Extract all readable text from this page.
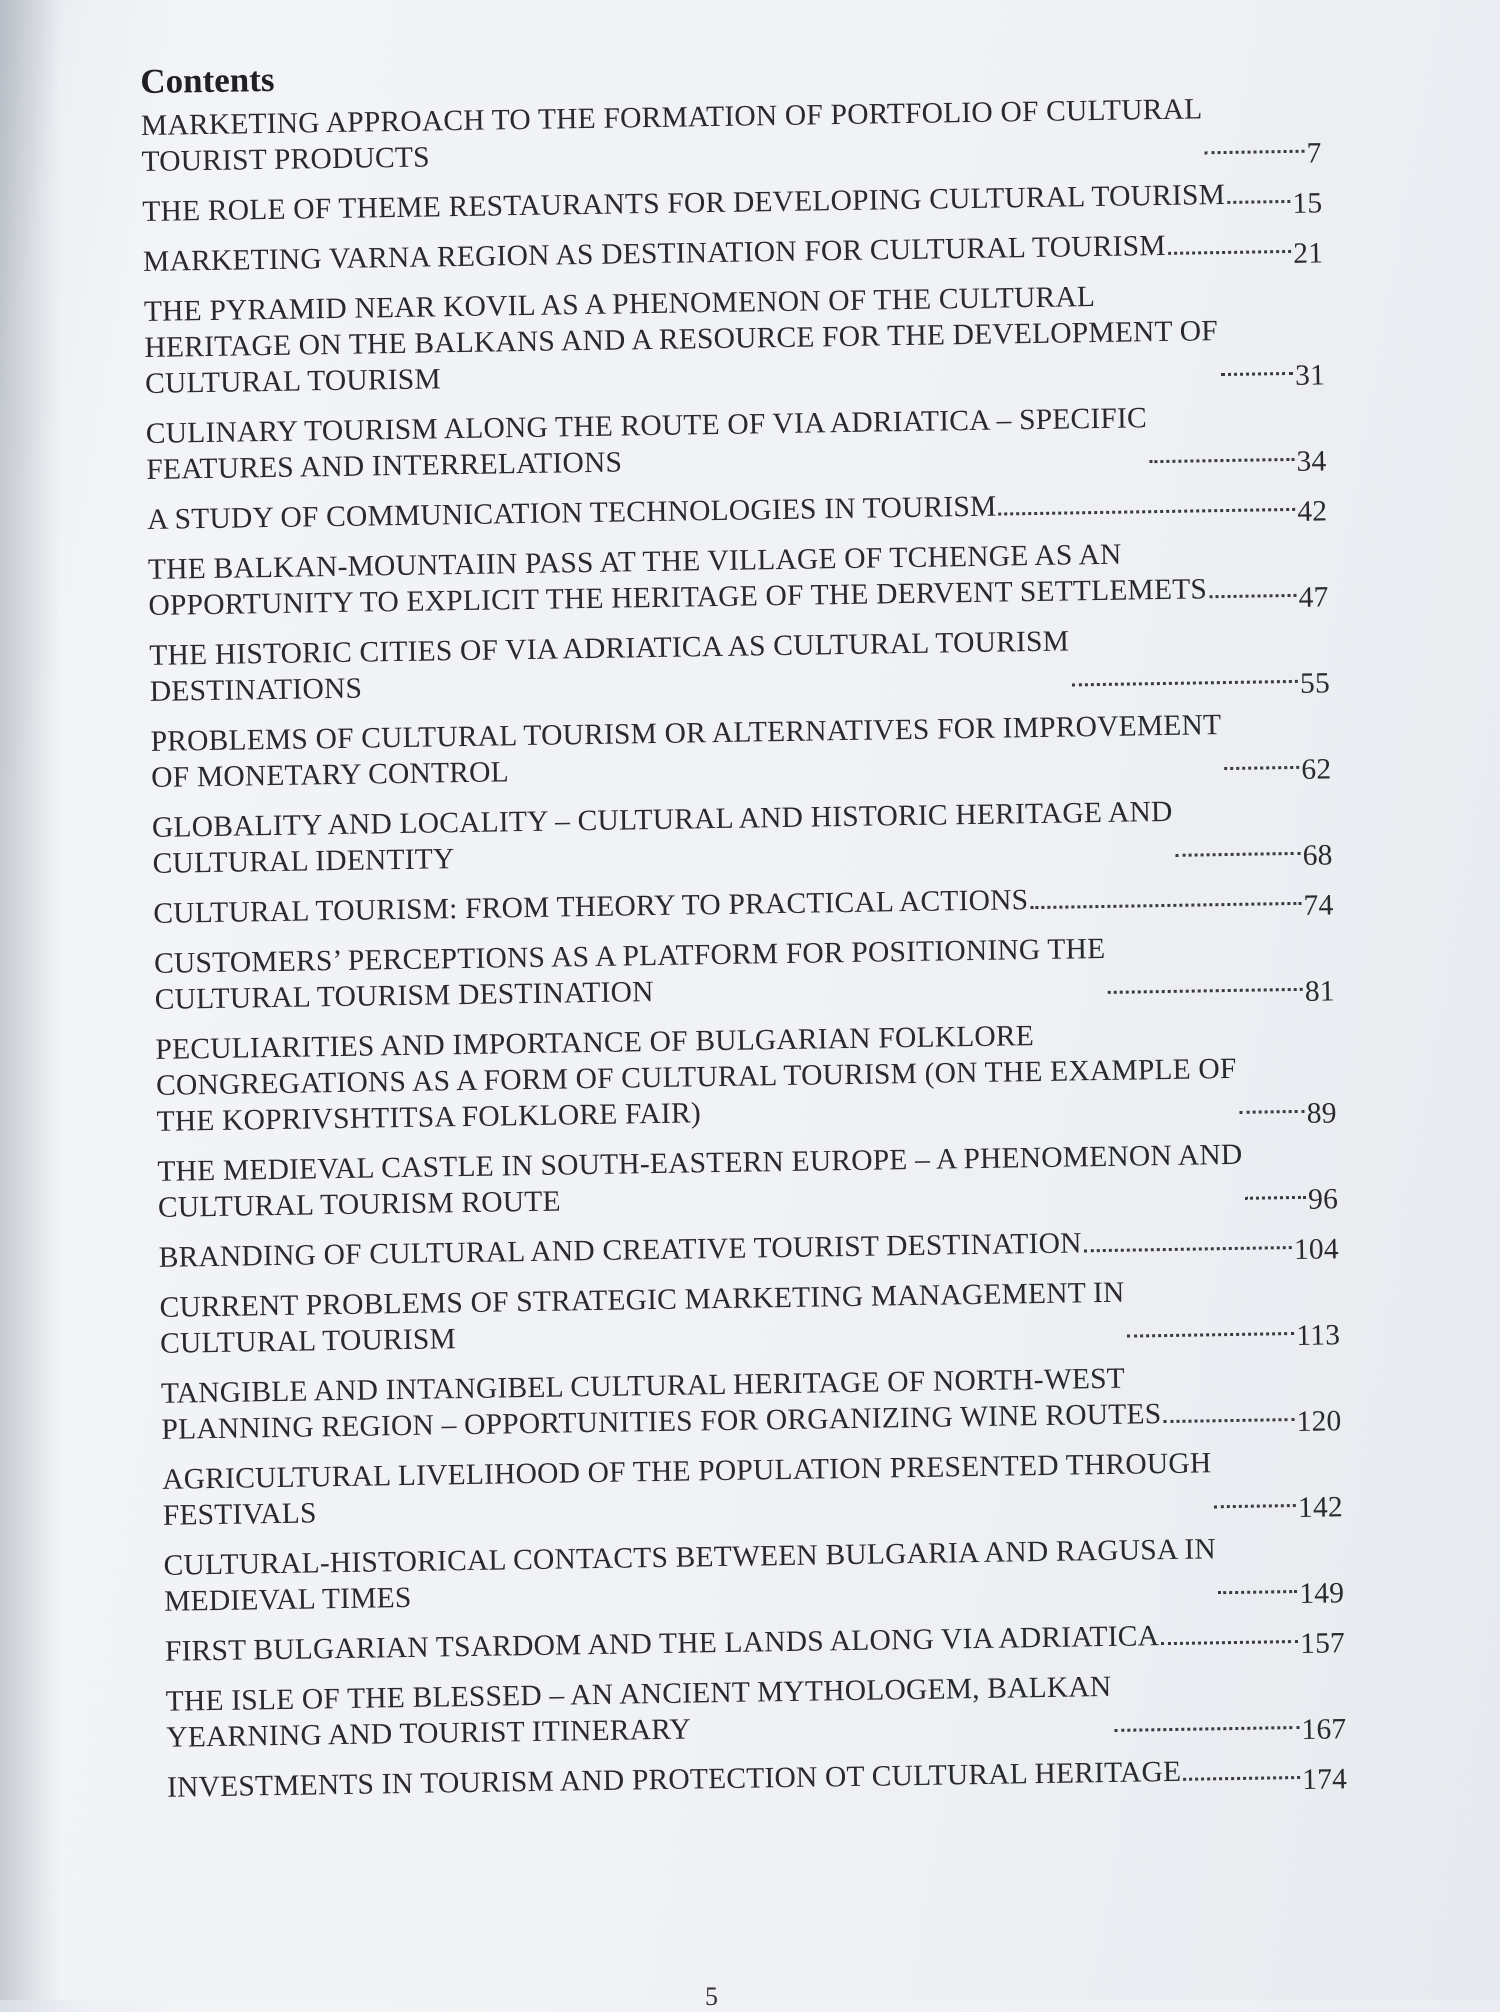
Contents
MARKETING APPROACH TO THE FORMATION OF PORTFOLIO OF CULTURAL
TOURIST PRODUCTS	7
THE ROLE OF THEME RESTAURANTS FOR DEVELOPING CULTURAL TOURISM 15
MARKETING VARNA REGION AS DESTINATION FOR CULTURAL TOURISM	21
THE PYRAMID NEAR KOVIL AS A PHENOMENON OF THE CULTURAL
HERITAGE ON THE BALKANS AND A RESOURCE FOR THE DEVELOPMENT OF
CULTURAL TOURISM	31
CULINARY TOURISM ALONG THE ROUTE OF VIA ADRIATICA – SPECIFIC
FEATURES AND INTERRELATIONS	34
A STUDY OF COMMUNICATION TECHNOLOGIES IN TOURISM	42
THE BALKAN-MOUNTAIIN PASS AT THE VILLAGE OF TCHENGE AS AN
OPPORTUNITY TO EXPLICIT THE HERITAGE OF THE DERVENT SETTLEMETS	47
THE HISTORIC CITIES OF VIA ADRIATICA AS CULTURAL TOURISM
DESTINATIONS	55
PROBLEMS OF CULTURAL TOURISM OR ALTERNATIVES FOR IMPROVEMENT
OF MONETARY CONTROL	62
GLOBALITY AND LOCALITY – CULTURAL AND HISTORIC HERITAGE AND
CULTURAL IDENTITY	68
CULTURAL TOURISM: FROM THEORY TO PRACTICAL ACTIONS	74
CUSTOMERS’ PERCEPTIONS AS A PLATFORM FOR POSITIONING THE
CULTURAL TOURISM DESTINATION	81
PECULIARITIES AND IMPORTANCE OF BULGARIAN FOLKLORE
CONGREGATIONS AS A FORM OF CULTURAL TOURISM (ON THE EXAMPLE OF
THE KOPRIVSHTITSA FOLKLORE FAIR)	89
THE MEDIEVAL CASTLE IN SOUTH-EASTERN EUROPE – A PHENOMENON AND
CULTURAL TOURISM ROUTE	96
BRANDING OF CULTURAL AND CREATIVE TOURIST DESTINATION	104
CURRENT PROBLEMS OF STRATEGIC MARKETING MANAGEMENT IN
CULTURAL TOURISM	113
TANGIBLE AND INTANGIBEL CULTURAL HERITAGE OF NORTH-WEST
PLANNING REGION – OPPORTUNITIES FOR ORGANIZING WINE ROUTES	120
AGRICULTURAL LIVELIHOOD OF THE POPULATION PRESENTED THROUGH
FESTIVALS	142
CULTURAL-HISTORICAL CONTACTS BETWEEN BULGARIA AND RAGUSA IN
MEDIEVAL TIMES	149
FIRST BULGARIAN TSARDOM AND THE LANDS ALONG VIA ADRIATICA	157
THE ISLE OF THE BLESSED – AN ANCIENT MYTHOLOGEM, BALKAN
YEARNING AND TOURIST ITINERARY	167
INVESTMENTS IN TOURISM AND PROTECTION OT CULTURAL HERITAGE	174
5
